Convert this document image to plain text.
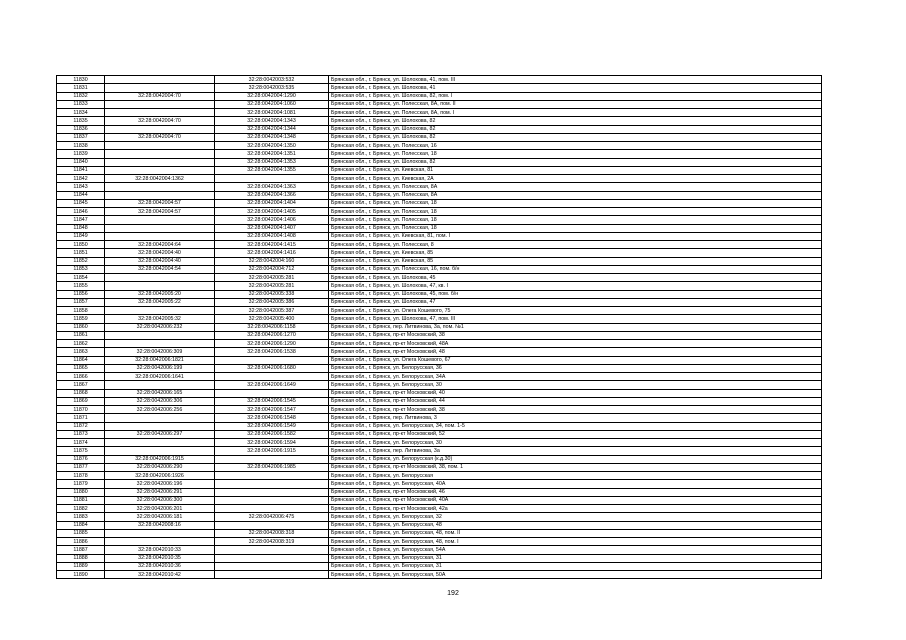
11830		32:28:0042003:532	Брянская обл., г. Брянск, ул. Шолохова, 41, пом. III
11831		32:28:0042003:535	Брянская обл., г. Брянск, ул. Шолохова, 41
11832	32:28:0042004:70	32:28:0042004:1290	Брянская обл., г. Брянск, ул. Шолохова, 82, пом. I
11833		32:28:0042004:1060	Брянская обл., г. Брянск, ул. Полесская, 8А, пом. II
11834		32:28:0042004:1081	Брянская обл., г. Брянск, ул. Полесская, 8А, пом. I
11835	32:28:0042004:70	32:28:0042004:1343	Брянская обл., г. Брянск, ул. Шолохова, 82
11836		32:28:0042004:1344	Брянская обл., г. Брянск, ул. Шолохова, 82
11837	32:28:0042004:70	32:28:0042004:1348	Брянская обл., г. Брянск, ул. Шолохова, 82
11838		32:28:0042004:1350	Брянская обл., г. Брянск, ул. Полесская, 16
11839		32:28:0042004:1351	Брянская обл., г. Брянск, ул. Полесская, 18
11840		32:28:0042004:1353	Брянская обл., г. Брянск, ул. Шолохова, 82
11841		32:28:0042004:1355	Брянская обл., г. Брянск, ул. Киевская, 81
11842	32:28:0042004:1362		Брянская обл., г. Брянск, ул. Киевская, 2А
11843		32:28:0042004:1363	Брянская обл., г. Брянск, ул. Полесская, 8А
11844		32:28:0042004:1366	Брянская обл., г. Брянск, ул. Полесская, 8А
11845	32:28:0042004:57	32:28:0042004:1404	Брянская обл., г. Брянск, ул. Полесская, 18
11846	32:28:0042004:57	32:28:0042004:1405	Брянская обл., г. Брянск, ул. Полесская, 18
11847		32:28:0042004:1406	Брянская обл., г. Брянск, ул. Полесская, 18
11848		32:28:0042004:1407	Брянская обл., г. Брянск, ул. Полесская, 18
11849		32:28:0042004:1408	Брянская обл., г. Брянск, ул. Киевская, 81, пом. I
11850	32:28:0042004:64	32:28:0042004:1415	Брянская обл., г. Брянск, ул. Полесская, 8
11851	32:28:0042004:40	32:28:0042004:1416	Брянская обл., г. Брянск, ул. Киевская, 85
11852	32:28:0042004:40	32:28:0042004:160	Брянская обл., г. Брянск, ул. Киевская, 85
11853	32:28:0042004:54	32:28:0042004:712	Брянская обл., г. Брянск, ул. Полесская, 16, пом. б/н
11854		32:28:0042005:281	Брянская обл., г. Брянск, ул. Шолохова, 45
11855		32:28:0042005:281	Брянская обл., г. Брянск, ул. Шолохова, 47, кв. I
11856	32:28:0042005:20	32:28:0042005:338	Брянская обл., г. Брянск, ул. Шолохова, 45, пом. б/н
11857	32:28:0042005:22	32:28:0042005:386	Брянская обл., г. Брянск, ул. Шолохова, 47
11858		32:28:0042005:387	Брянская обл., г. Брянск, ул. Олега Кошевого, 75
11859	32:28:0042005:32	32:28:0042005:400	Брянская обл., г. Брянск, ул. Шолохова, 47, пом. III
11860	32:28:0042006:232	32:28:0042006:1158	Брянская обл., г. Брянск, пер. Литвинова, 3а, пом. №1
11861		32:28:0042006:1270	Брянская обл., г. Брянск, пр-кт Московский, 38
11862		32:28:0042006:1290	Брянская обл., г. Брянск, пр-кт Московский, 48А
11863	32:28:0042006:309	32:28:0042006:1538	Брянская обл., г. Брянск, пр-кт Московский, 48
11864	32:28:0042006:1821		Брянская обл., г. Брянск, ул. Олега Кошевого, 67
11865	32:28:0042006:199	32:28:0042006:1680	Брянская обл., г. Брянск, ул. Белорусская, 36
11866	32:28:0042006:1641		Брянская обл., г. Брянск, ул. Белорусская, 34А
11867		32:28:0042006:1649	Брянская обл., г. Брянск, ул. Белорусская, 30
11868	32:28:0042006:165		Брянская обл., г. Брянск, пр-кт Московский, 40
11869	32:28:0042006:306	32:28:0042006:1545	Брянская обл., г. Брянск, пр-кт Московский, 44
11870	32:28:0042006:256	32:28:0042006:1547	Брянская обл., г. Брянск, пр-кт Московский, 38
11871		32:28:0042006:1548	Брянская обл., г. Брянск, пер. Литвинова, 3
11872		32:28:0042006:1549	Брянская обл., г. Брянск, ул. Белорусская, 34, пом. 1-5
11873	32:28:0042006:297	32:28:0042006:1582	Брянская обл., г. Брянск, пр-кт Московский, 52
11874		32:28:0042006:1594	Брянская обл., г. Брянск, ул. Белорусская, 30
11875		32:28:0042006:1915	Брянская обл., г. Брянск, пер. Литвинова, 3а
11876	32:28:0042006:1915		Брянская обл., г. Брянск, ул. Белорусская (к.д.30)
11877	32:28:0042006:290	32:28:0042006:1985	Брянская обл., г. Брянск, пр-кт Московский, 38, пом. 1
11878	32:28:0042006:1926		Брянская обл., г. Брянск, ул. Белорусская
11879	32:28:0042006:196		Брянская обл., г. Брянск, ул. Белорусская, 40А
11880	32:28:0042006:291		Брянская обл., г. Брянск, пр-кт Московский, 46
11881	32:28:0042006:300		Брянская обл., г. Брянск, пр-кт Московский, 40А
11882	32:28:0042006:201		Брянская обл., г. Брянск, пр-кт Московский, 42а
11883	32:28:0042006:181	32:28:0042006:475	Брянская обл., г. Брянск, ул. Белорусская, 32
11884	32:28:0042008:16		Брянская обл., г. Брянск, ул. Белорусская, 48
11885		32:28:0042008:318	Брянская обл., г. Брянск, ул. Белорусская, 48, пом. II
11886		32:28:0042008:319	Брянская обл., г. Брянск, ул. Белорусская, 48, пом. I
11887	32:28:0042010:33		Брянская обл., г. Брянск, ул. Белорусская, 54А
11888	32:28:0042010:35		Брянская обл., г. Брянск, ул. Белорусская, 31
11889	32:28:0042010:36		Брянская обл., г. Брянск, ул. Белорусская, 31
11890	32:28:0042010:42		Брянская обл., г. Брянск, ул. Белорусская, 50А
192
